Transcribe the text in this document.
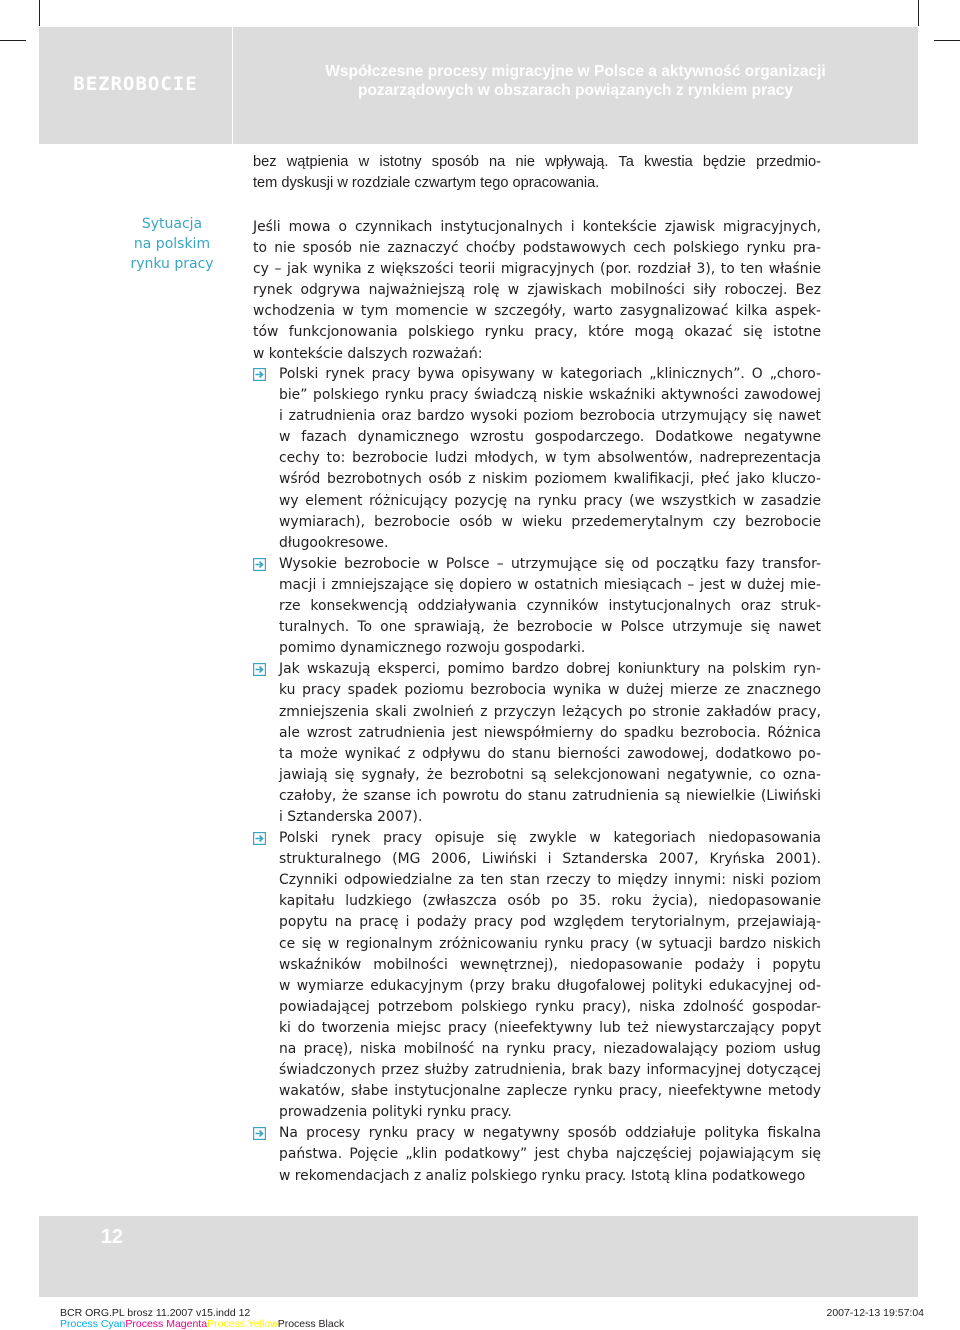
BEZROBOCIE
Współczesne procesy migracyjne w Polsce a aktywność organizacji
pozarządowych w obszarach powiązanych z rynkiem pracy
Sytuacja
na polskim
rynku pracy
bez wątpienia w istotny sposób na nie wpływają. Ta kwestia będzie przedmio-
tem dyskusji w rozdziale czwartym tego opracowania.
Jeśli mowa o czynnikach instytucjonalnych i kontekście zjawisk migracyjnych,
to nie sposób nie zaznaczyć choćby podstawowych cech polskiego rynku pra-
cy – jak wynika z większości teorii migracyjnych (por. rozdział 3), to ten właśnie
rynek odgrywa najważniejszą rolę w zjawiskach mobilności siły roboczej. Bez
wchodzenia w tym momencie w szczegóły, warto zasygnalizować kilka aspek-
tów funkcjonowania polskiego rynku pracy, które mogą okazać się istotne
w kontekście dalszych rozważań:
Polski rynek pracy bywa opisywany w kategoriach „klinicznych”. O „choro-
bie” polskiego rynku pracy świadczą niskie wskaźniki aktywności zawodowej
i zatrudnienia oraz bardzo wysoki poziom bezrobocia utrzymujący się nawet
w fazach dynamicznego wzrostu gospodarczego. Dodatkowe negatywne
cechy to: bezrobocie ludzi młodych, w tym absolwentów, nadreprezentacja
wśród bezrobotnych osób z niskim poziomem kwalifikacji, płeć jako kluczo-
wy element różnicujący pozycję na rynku pracy (we wszystkich w zasadzie
wymiarach), bezrobocie osób w wieku przedemerytalnym czy bezrobocie
długookresowe.
Wysokie bezrobocie w Polsce – utrzymujące się od początku fazy transfor-
macji i zmniejszające się dopiero w ostatnich miesiącach – jest w dużej mie-
rze konsekwencją oddziaływania czynników instytucjonalnych oraz struk-
turalnych. To one sprawiają, że bezrobocie w Polsce utrzymuje się nawet
pomimo dynamicznego rozwoju gospodarki.
Jak wskazują eksperci, pomimo bardzo dobrej koniunktury na polskim ryn-
ku pracy spadek poziomu bezrobocia wynika w dużej mierze ze znacznego
zmniejszenia skali zwolnień z przyczyn leżących po stronie zakładów pracy,
ale wzrost zatrudnienia jest niewspółmierny do spadku bezrobocia. Różnica
ta może wynikać z odpływu do stanu bierności zawodowej, dodatkowo po-
jawiają się sygnały, że bezrobotni są selekcjonowani negatywnie, co ozna-
czałoby, że szanse ich powrotu do stanu zatrudnienia są niewielkie (Liwiński
i Sztanderska 2007).
Polski rynek pracy opisuje się zwykle w kategoriach niedopasowania
strukturalnego (MG 2006, Liwiński i Sztanderska 2007, Kryńska 2001).
Czynniki odpowiedzialne za ten stan rzeczy to między innymi: niski poziom
kapitału ludzkiego (zwłaszcza osób po 35. roku życia), niedopasowanie
popytu na pracę i podaży pracy pod względem terytorialnym, przejawiają-
ce się w regionalnym zróżnicowaniu rynku pracy (w sytuacji bardzo niskich
wskaźników mobilności wewnętrznej), niedopasowanie podaży i popytu
w wymiarze edukacyjnym (przy braku długofalowej polityki edukacyjnej od-
powiadającej potrzebom polskiego rynku pracy), niska zdolność gospodar-
ki do tworzenia miejsc pracy (nieefektywny lub też niewystarczający popyt
na pracę), niska mobilność na rynku pracy, niezadowalający poziom usług
świadczonych przez służby zatrudnienia, brak bazy informacyjnej dotyczącej
wakatów, słabe instytucjonalne zaplecze rynku pracy, nieefektywne metody
prowadzenia polityki rynku pracy.
Na procesy rynku pracy w negatywny sposób oddziałuje polityka fiskalna
państwa. Pojęcie „klin podatkowy” jest chyba najczęściej pojawiającym się
w rekomendacjach z analiz polskiego rynku pracy. Istotą klina podatkowego
12
BCR ORG.PL brosz 11.2007 v15.indd 12	2007-12-13 19:57:04
Process CyanProcess MagentaProcess YellowProcess Black
